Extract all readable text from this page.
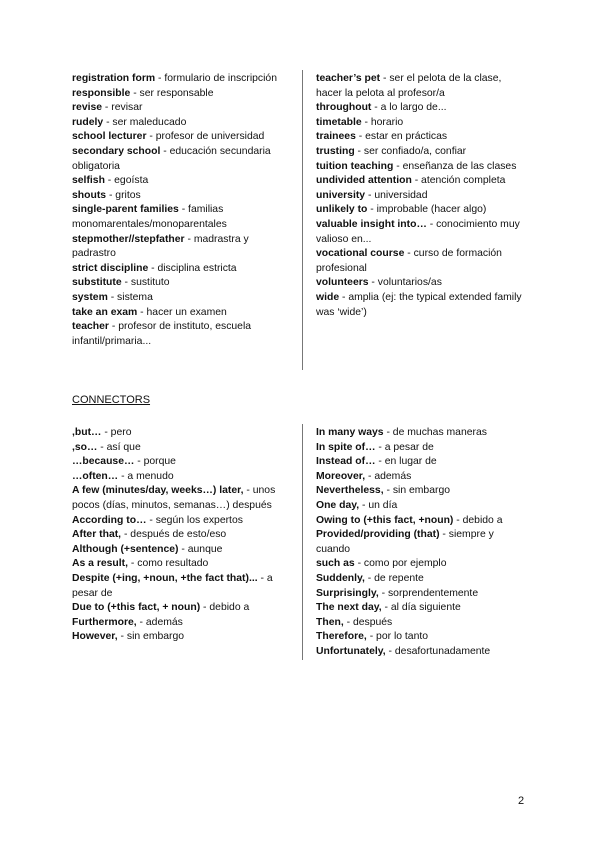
registration form - formulario de inscripción

responsible - ser responsable

revise - revisar

rudely - ser maleducado

school lecturer - profesor de universidad

secondary school - educación secundaria obligatoria

selfish - egoísta

shouts - gritos

single-parent families - familias monomarentales/monoparentales

stepmother//stepfather - madrastra y padrastro

strict discipline - disciplina estricta

substitute - sustituto

system - sistema

take an exam - hacer un examen

teacher - profesor de instituto, escuela infantil/primaria...

teacher’s pet - ser el pelota de la clase, hacer la pelota al profesor/a

throughout - a lo largo de...

timetable - horario

trainees - estar en prácticas

trusting - ser confiado/a, confiar

tuition teaching - enseñanza de las clases

undivided attention - atención completa

university - universidad

unlikely to - improbable (hacer algo)

valuable insight into… - conocimiento muy valioso en...

vocational course - curso de formación profesional

volunteers - voluntarios/as

wide - amplia (ej: the typical extended family was ‘wide’)

CONNECTORS

,but… - pero

,so… - así que

…because… - porque

…often… - a menudo

A few (minutes/day, weeks…) later, - unos pocos (días, minutos, semanas…) después

According to… - según los expertos

After that, - después de esto/eso

Although (+sentence) - aunque

As a result, - como resultado

Despite (+ing, +noun, +the fact that)... - a pesar de

Due to (+this fact, + noun) - debido a

Furthermore, - además

However, - sin embargo

In many ways - de muchas maneras

In spite of… - a pesar de

Instead of… - en lugar de

Moreover, - además

Nevertheless, - sin embargo

One day, - un día

Owing to (+this fact, +noun) - debido a

Provided/providing (that) - siempre y cuando

such as - como por ejemplo

Suddenly, - de repente

Surprisingly, - sorprendentemente

The next day, - al día siguiente

Then, - después

Therefore, - por lo tanto

Unfortunately, - desafortunadamente

2
